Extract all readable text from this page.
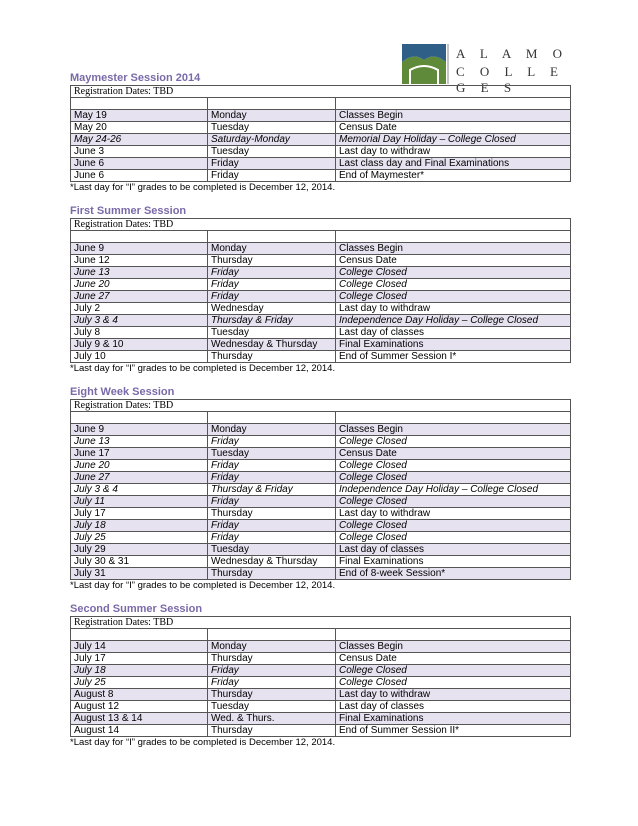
A L A M O
C O L L E G E S
Maymester Session 2014
Registration Dates: TBD		

May 19	Monday	Classes Begin
May 20	Tuesday	Census Date
May 24-26	Saturday-Monday	Memorial Day Holiday – College Closed
June 3	Tuesday	Last day to withdraw
June 6	Friday	Last class day and Final Examinations
June 6	Friday	End of Maymester*
*Last day for “I” grades to be completed is December 12, 2014.
First Summer Session
Registration Dates: TBD		

June 9	Monday	Classes Begin
June 12	Thursday	Census Date
June 13	Friday	College Closed
June 20	Friday	College Closed
June 27	Friday	College Closed
July 2	Wednesday	Last day to withdraw
July 3 & 4	Thursday & Friday	Independence Day Holiday – College Closed
July 8	Tuesday	Last day of classes
July 9 & 10	Wednesday & Thursday	Final Examinations
July 10	Thursday	End of Summer Session I*
*Last day for “I” grades to be completed is December 12, 2014.
Eight Week Session
Registration Dates: TBD		

June 9	Monday	Classes Begin
June 13	Friday	College Closed
June 17	Tuesday	Census Date
June 20	Friday	College Closed
June 27	Friday	College Closed
July 3 & 4	Thursday & Friday	Independence Day Holiday – College Closed
July 11	Friday	College Closed
July 17	Thursday	Last day to withdraw
July 18	Friday	College Closed
July 25	Friday	College Closed
July 29	Tuesday	Last day of classes
July 30 & 31	Wednesday & Thursday	Final Examinations
July 31	Thursday	End of 8-week Session*
*Last day for “I” grades to be completed is December 12, 2014.
Second Summer Session
Registration Dates: TBD		

July 14	Monday	Classes Begin
July 17	Thursday	Census Date
July 18	Friday	College Closed
July 25	Friday	College Closed
August 8	Thursday	Last day to withdraw
August 12	Tuesday	Last day of classes
August 13 & 14	Wed. & Thurs.	Final Examinations
August 14	Thursday	End of Summer Session II*
*Last day for “I” grades to be completed is December 12, 2014.
